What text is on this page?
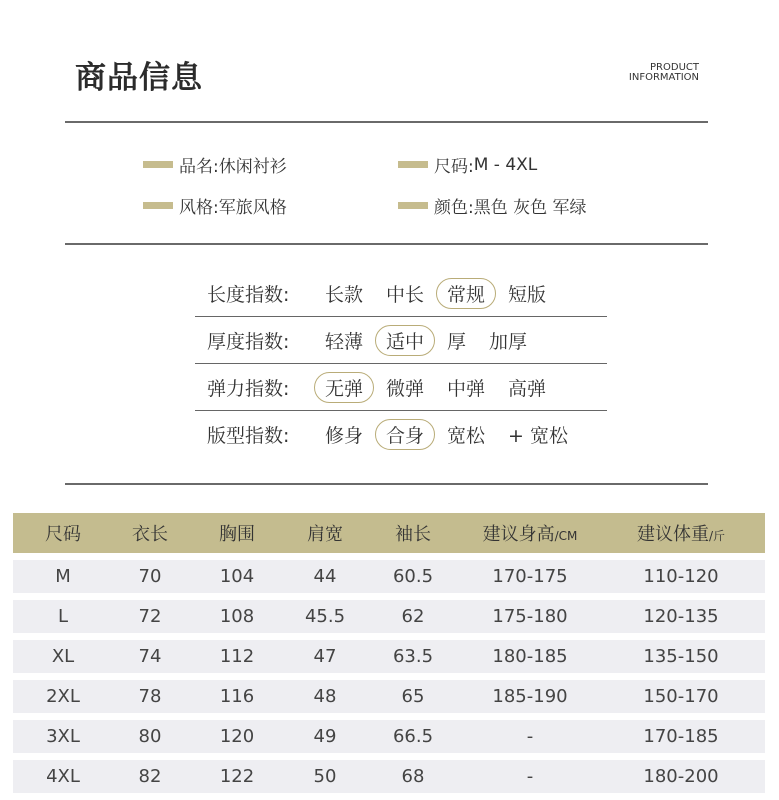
商品信息	PRODUCT
INFORMATION
品名: 休闲衬衫	尺码: M - 4XL
风格: 军旅风格	颜色: 黑色 灰色 军绿
长度指数:	长款	中长	常规	短版
厚度指数:	轻薄	适中	厚	加厚
弹力指数:	无弹	微弹	中弹	高弹
版型指数:	修身	合身	宽松	+ 宽松
尺码	衣长	胸围	肩宽	袖长	建议身高/CM	建议体重/斤
M	70	104	44	60.5	170-175	110-120
L	72	108	45.5	62	175-180	120-135
XL	74	112	47	63.5	180-185	135-150
2XL	78	116	48	65	185-190	150-170
3XL	80	120	49	66.5	-	170-185
4XL	82	122	50	68	-	180-200
